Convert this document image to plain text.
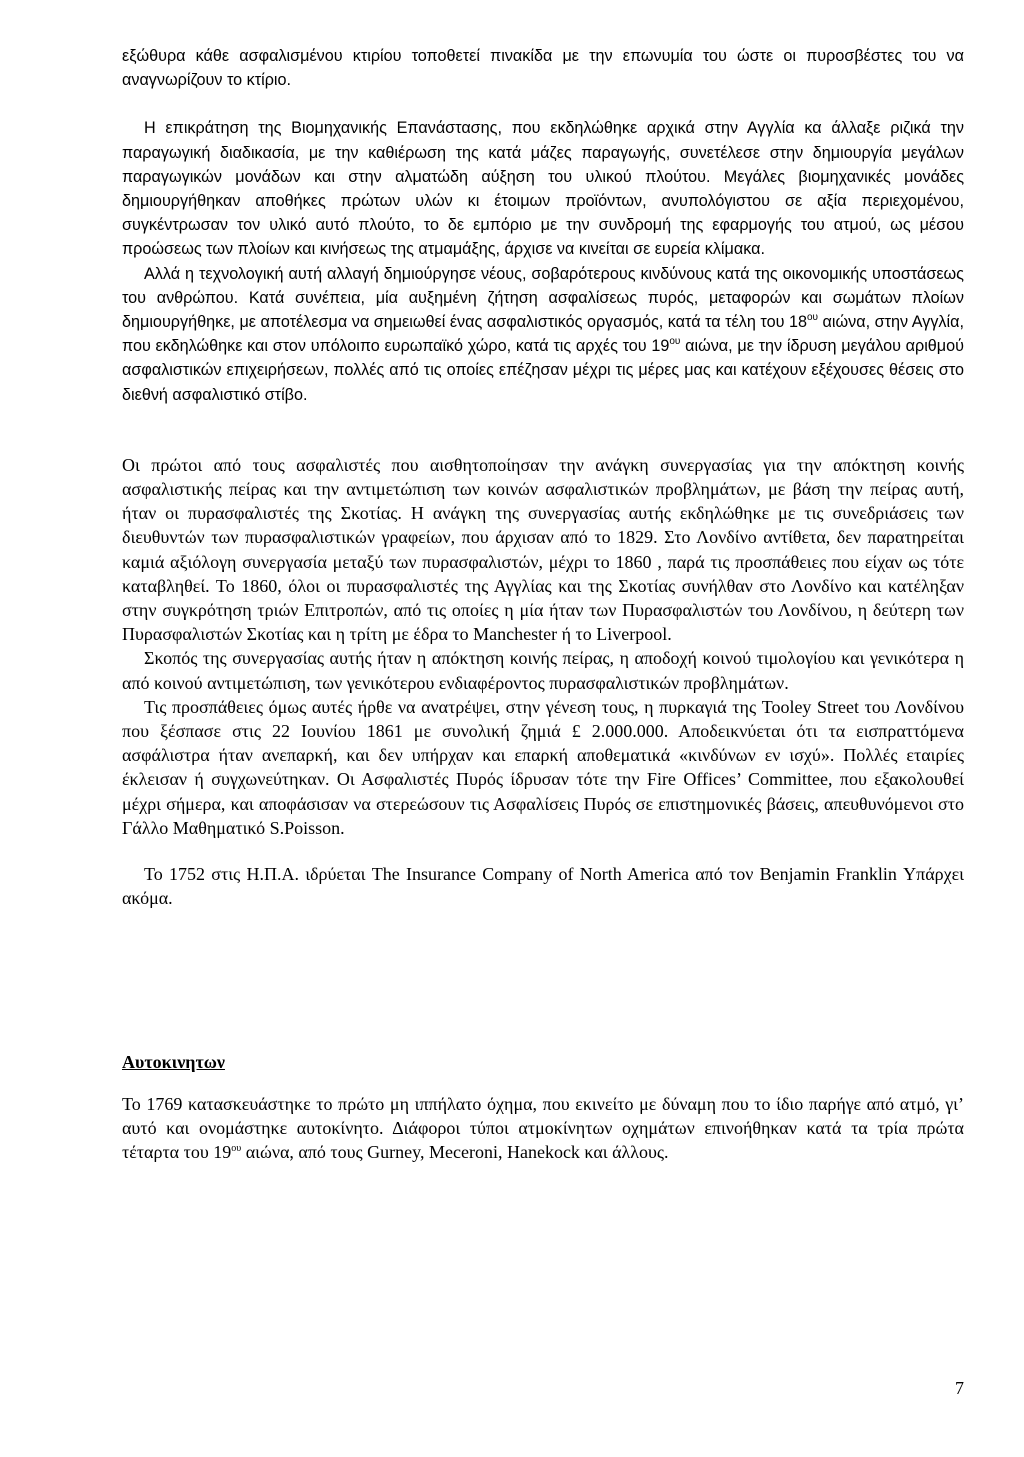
εξώθυρα κάθε ασφαλισμένου κτιρίου τοποθετεί πινακίδα με την επωνυμία του ώστε οι πυροσβέστες του να αναγνωρίζουν το κτίριο.

Η επικράτηση της Βιομηχανικής Επανάστασης, που εκδηλώθηκε αρχικά στην Αγγλία κα άλλαξε ριζικά την παραγωγική διαδικασία, με την καθιέρωση της κατά μάζες παραγωγής, συνετέλεσε στην δημιουργία μεγάλων παραγωγικών μονάδων και στην αλματώδη αύξηση του υλικού πλούτου. Μεγάλες βιομηχανικές μονάδες δημιουργήθηκαν αποθήκες πρώτων υλών κι έτοιμων προϊόντων, ανυπολόγιστου σε αξία περιεχομένου, συγκέντρωσαν τον υλικό αυτό πλούτο, το δε εμπόριο με την συνδρομή της εφαρμογής του ατμού, ως μέσου προώσεως των πλοίων και κινήσεως της ατμαμάξης, άρχισε να κινείται σε ευρεία κλίμακα.

Αλλά η τεχνολογική αυτή αλλαγή δημιούργησε νέους, σοβαρότερους κινδύνους κατά της οικονομικής υποστάσεως του ανθρώπου. Κατά συνέπεια, μία αυξημένη ζήτηση ασφαλίσεως πυρός, μεταφορών και σωμάτων πλοίων δημιουργήθηκε, με αποτέλεσμα να σημειωθεί ένας ασφαλιστικός οργασμός, κατά τα τέλη του $18^{o\upsilon}$ αιώνα, στην Αγγλία, που εκδηλώθηκε και στον υπόλοιπο ευρωπαϊκό χώρο, κατά τις αρχές του $19^{o\upsilon}$ αιώνα, με την ίδρυση μεγάλου αριθμού ασφαλιστικών επιχειρήσεων, πολλές από τις οποίες επέζησαν μέχρι τις μέρες μας και κατέχουν εξέχουσες θέσεις στο διεθνή ασφαλιστικό στίβο.

Οι πρώτοι από τους ασφαλιστές που αισθητοποίησαν την ανάγκη συνεργασίας για την απόκτηση κοινής ασφαλιστικής πείρας και την αντιμετώπιση των κοινών ασφαλιστικών προβλημάτων, με βάση την πείρας αυτή, ήταν οι πυρασφαλιστές της Σκοτίας. Η ανάγκη της συνεργασίας αυτής εκδηλώθηκε με τις συνεδριάσεις των διευθυντών των πυρασφαλιστικών γραφείων, που άρχισαν από το 1829. Στο Λονδίνο αντίθετα, δεν παρατηρείται καμιά αξιόλογη συνεργασία μεταξύ των πυρασφαλιστών, μέχρι το 1860 , παρά τις προσπάθειες που είχαν ως τότε καταβληθεί. Το 1860, όλοι οι πυρασφαλιστές της Αγγλίας και της Σκοτίας συνήλθαν στο Λονδίνο και κατέληξαν στην συγκρότηση τριών Επιτροπών, από τις οποίες η μία ήταν των Πυρασφαλιστών του Λονδίνου, η δεύτερη των Πυρασφαλιστών Σκοτίας και η τρίτη με έδρα το Manchester ή το Liverpool.

Σκοπός της συνεργασίας αυτής ήταν η απόκτηση κοινής πείρας, η αποδοχή κοινού τιμολογίου και γενικότερα η από κοινού αντιμετώπιση, των γενικότερου ενδιαφέροντος πυρασφαλιστικών προβλημάτων.

Τις προσπάθειες όμως αυτές ήρθε να ανατρέψει, στην γένεση τους, η πυρκαγιά της Tooley Street του Λονδίνου που ξέσπασε στις 22 Ιουνίου 1861 με συνολική ζημιά £ 2.000.000. Αποδεικνύεται ότι τα εισπραττόμενα ασφάλιστρα ήταν ανεπαρκή, και δεν υπήρχαν και επαρκή αποθεματικά «κινδύνων εν ισχύ». Πολλές εταιρίες έκλεισαν ή συγχωνεύτηκαν. Οι Ασφαλιστές Πυρός ίδρυσαν τότε την Fire Offices’ Committee, που εξακολουθεί μέχρι σήμερα, και αποφάσισαν να στερεώσουν τις Ασφαλίσεις Πυρός σε επιστημονικές βάσεις, απευθυνόμενοι στο Γάλλο Μαθηματικό S.Poisson.

Το 1752 στις Η.Π.Α. ιδρύεται The Insurance Company of North America από τον Benjamin Franklin Υπάρχει ακόμα.

Αυτοκινητων

Το 1769 κατασκευάστηκε το πρώτο μη ιππήλατο όχημα, που εκινείτο με δύναμη που το ίδιο παρήγε από ατμό, γι’ αυτό και ονομάστηκε αυτοκίνητο. Διάφοροι τύποι ατμοκίνητων οχημάτων επινοήθηκαν κατά τα τρία πρώτα τέταρτα του $19^{o\upsilon}$ αιώνα, από τους Gurney, Meceroni, Hanekock και άλλους.

7
